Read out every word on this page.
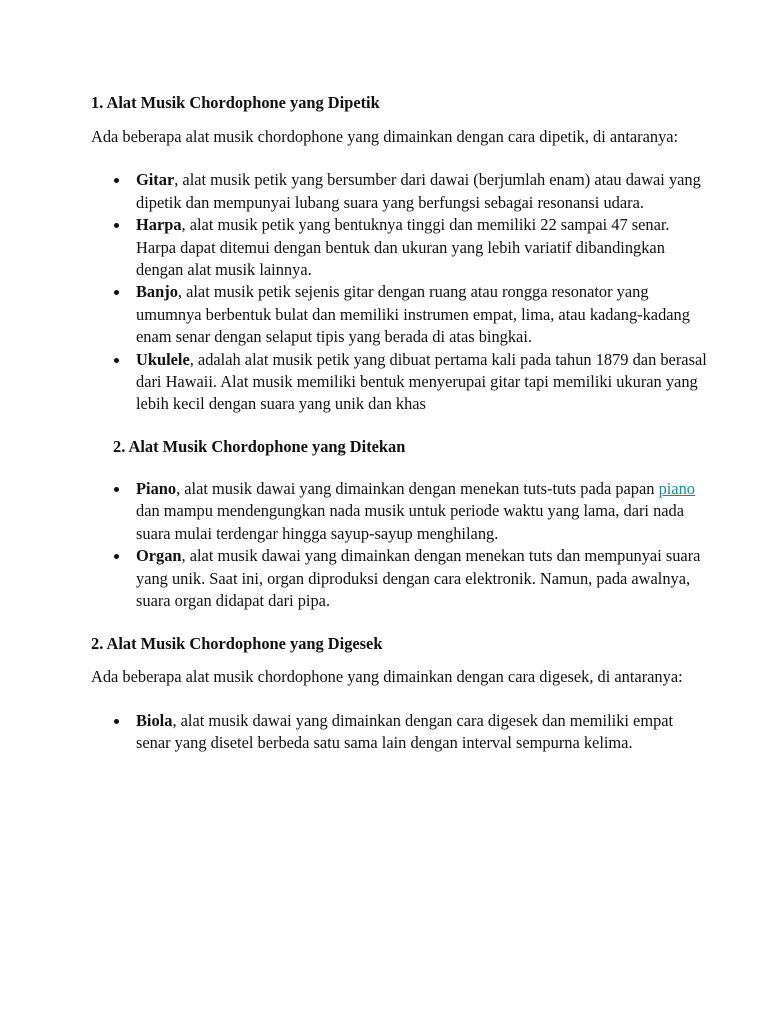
1. Alat Musik Chordophone yang Dipetik

Ada beberapa alat musik chordophone yang dimainkan dengan cara dipetik, di antaranya:

Gitar, alat musik petik yang bersumber dari dawai (berjumlah enam) atau dawai yang dipetik dan mempunyai lubang suara yang berfungsi sebagai resonansi udara.
Harpa, alat musik petik yang bentuknya tinggi dan memiliki 22 sampai 47 senar. Harpa dapat ditemui dengan bentuk dan ukuran yang lebih variatif dibandingkan dengan alat musik lainnya.
Banjo, alat musik petik sejenis gitar dengan ruang atau rongga resonator yang umumnya berbentuk bulat dan memiliki instrumen empat, lima, atau kadang-kadang enam senar dengan selaput tipis yang berada di atas bingkai.
Ukulele, adalah alat musik petik yang dibuat pertama kali pada tahun 1879 dan berasal dari Hawaii. Alat musik memiliki bentuk menyerupai gitar tapi memiliki ukuran yang lebih kecil dengan suara yang unik dan khas
2. Alat Musik Chordophone yang Ditekan
Piano, alat musik dawai yang dimainkan dengan menekan tuts-tuts pada papan piano dan mampu mendengungkan nada musik untuk periode waktu yang lama, dari nada suara mulai terdengar hingga sayup-sayup menghilang.
Organ, alat musik dawai yang dimainkan dengan menekan tuts dan mempunyai suara yang unik. Saat ini, organ diproduksi dengan cara elektronik. Namun, pada awalnya, suara organ didapat dari pipa.
2. Alat Musik Chordophone yang Digesek

Ada beberapa alat musik chordophone yang dimainkan dengan cara digesek, di antaranya:

Biola, alat musik dawai yang dimainkan dengan cara digesek dan memiliki empat senar yang disetel berbeda satu sama lain dengan interval sempurna kelima.
